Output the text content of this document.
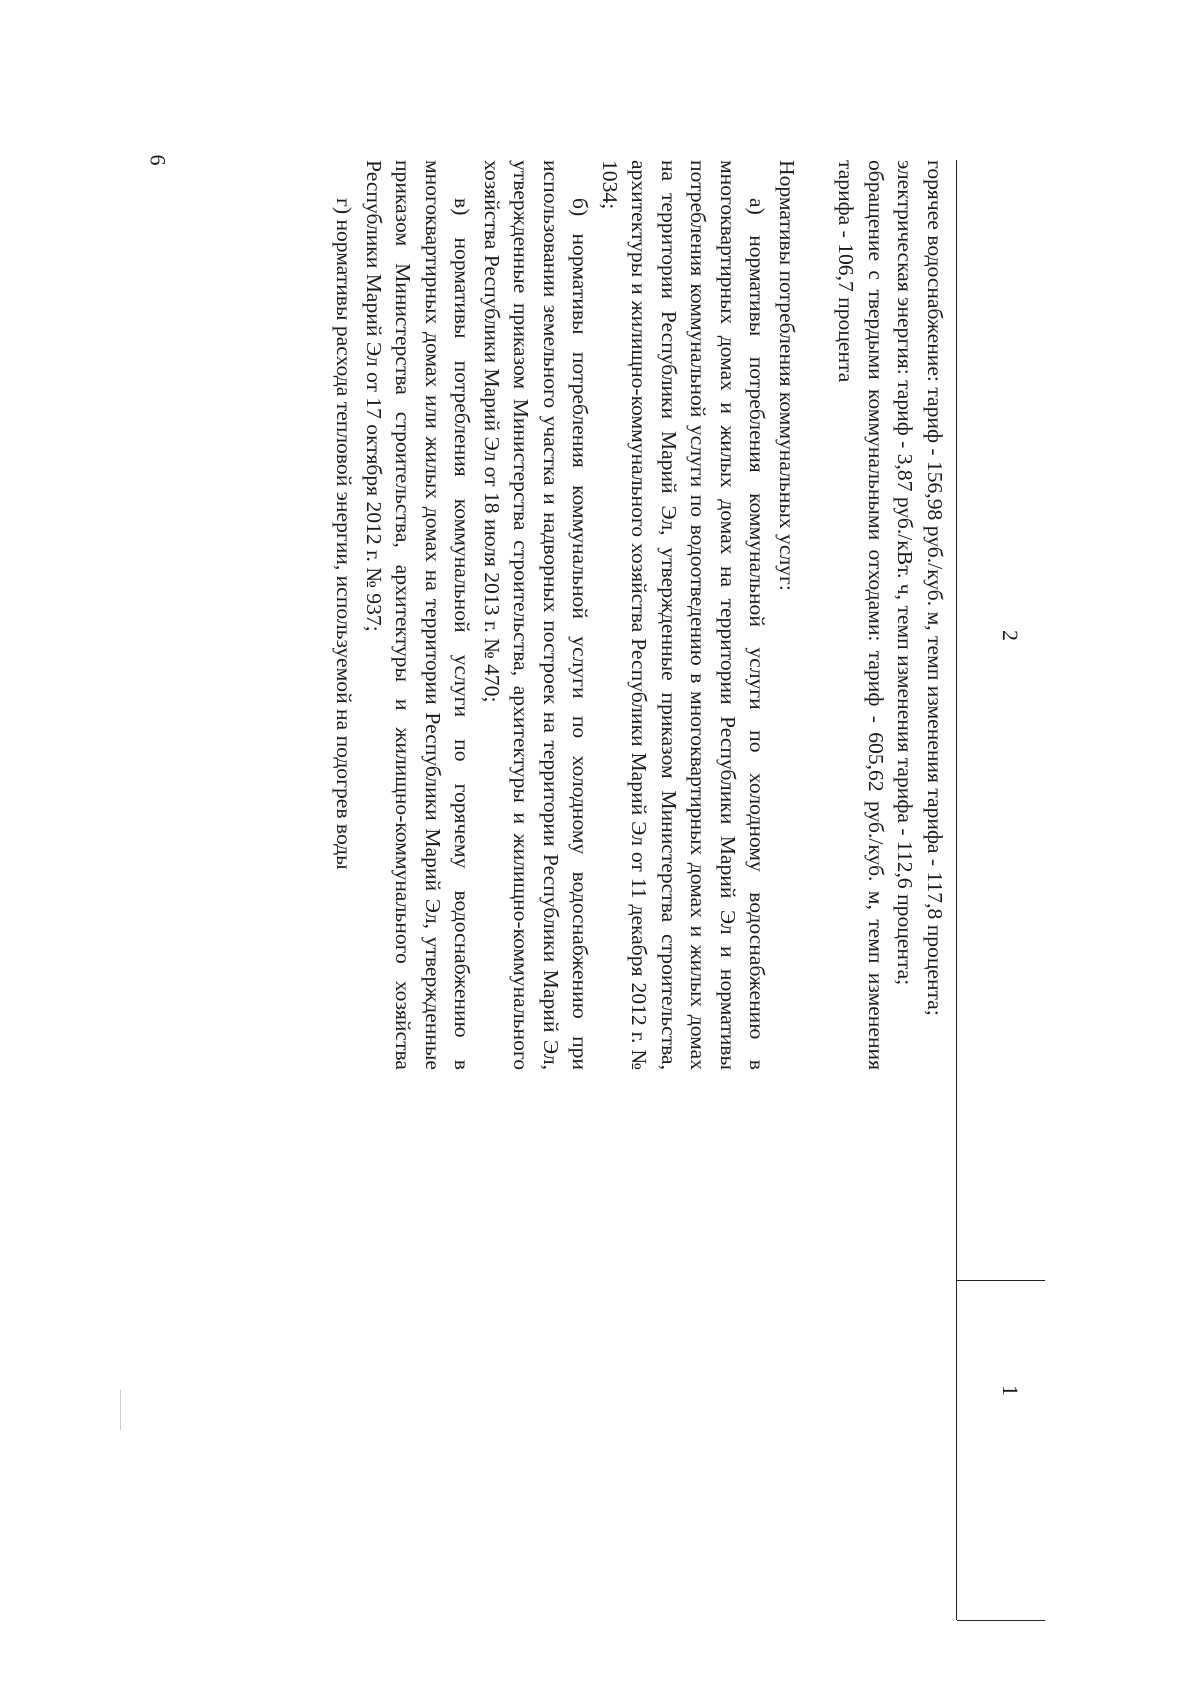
6
1
2

горячее водоснабжение: тариф - 156,98 руб./куб. м, темп изменения тарифа - 117,8 процента;

электрическая энергия: тариф - 3,87 руб./кВт. ч, темп изменения тарифа - 112,6 процента;

обращение с твердыми коммунальными отходами: тариф - 605,62 руб./куб. м, темп изменения тарифа - 106,7 процента

Нормативы потребления коммунальных услуг:

а) нормативы потребления коммунальной услуги по холодному водоснабжению в многоквартирных домах и жилых домах на территории Республики Марий Эл и нормативы потребления коммунальной услуги по водоотведению в многоквартирных домах и жилых домах на территории Республики Марий Эл, утвержденные приказом Министерства строительства, архитектуры и жилищно-коммунального хозяйства Республики Марий Эл от 11 декабря 2012 г. № 1034;

б) нормативы потребления коммунальной услуги по холодному водоснабжению при использовании земельного участка и надворных построек на территории Республики Марий Эл, утвержденные приказом Министерства строительства, архитектуры и жилищно-коммунального хозяйства Республики Марий Эл от 18 июля 2013 г. № 470;

в) нормативы потребления коммунальной услуги по горячему водоснабжению в многоквартирных домах или жилых домах на территории Республики Марий Эл, утвержденные приказом Министерства строительства, архитектуры и жилищно-коммунального хозяйства Республики Марий Эл от 17 октября 2012 г. № 937;

г) нормативы расхода тепловой энергии, используемой на подогрев воды
